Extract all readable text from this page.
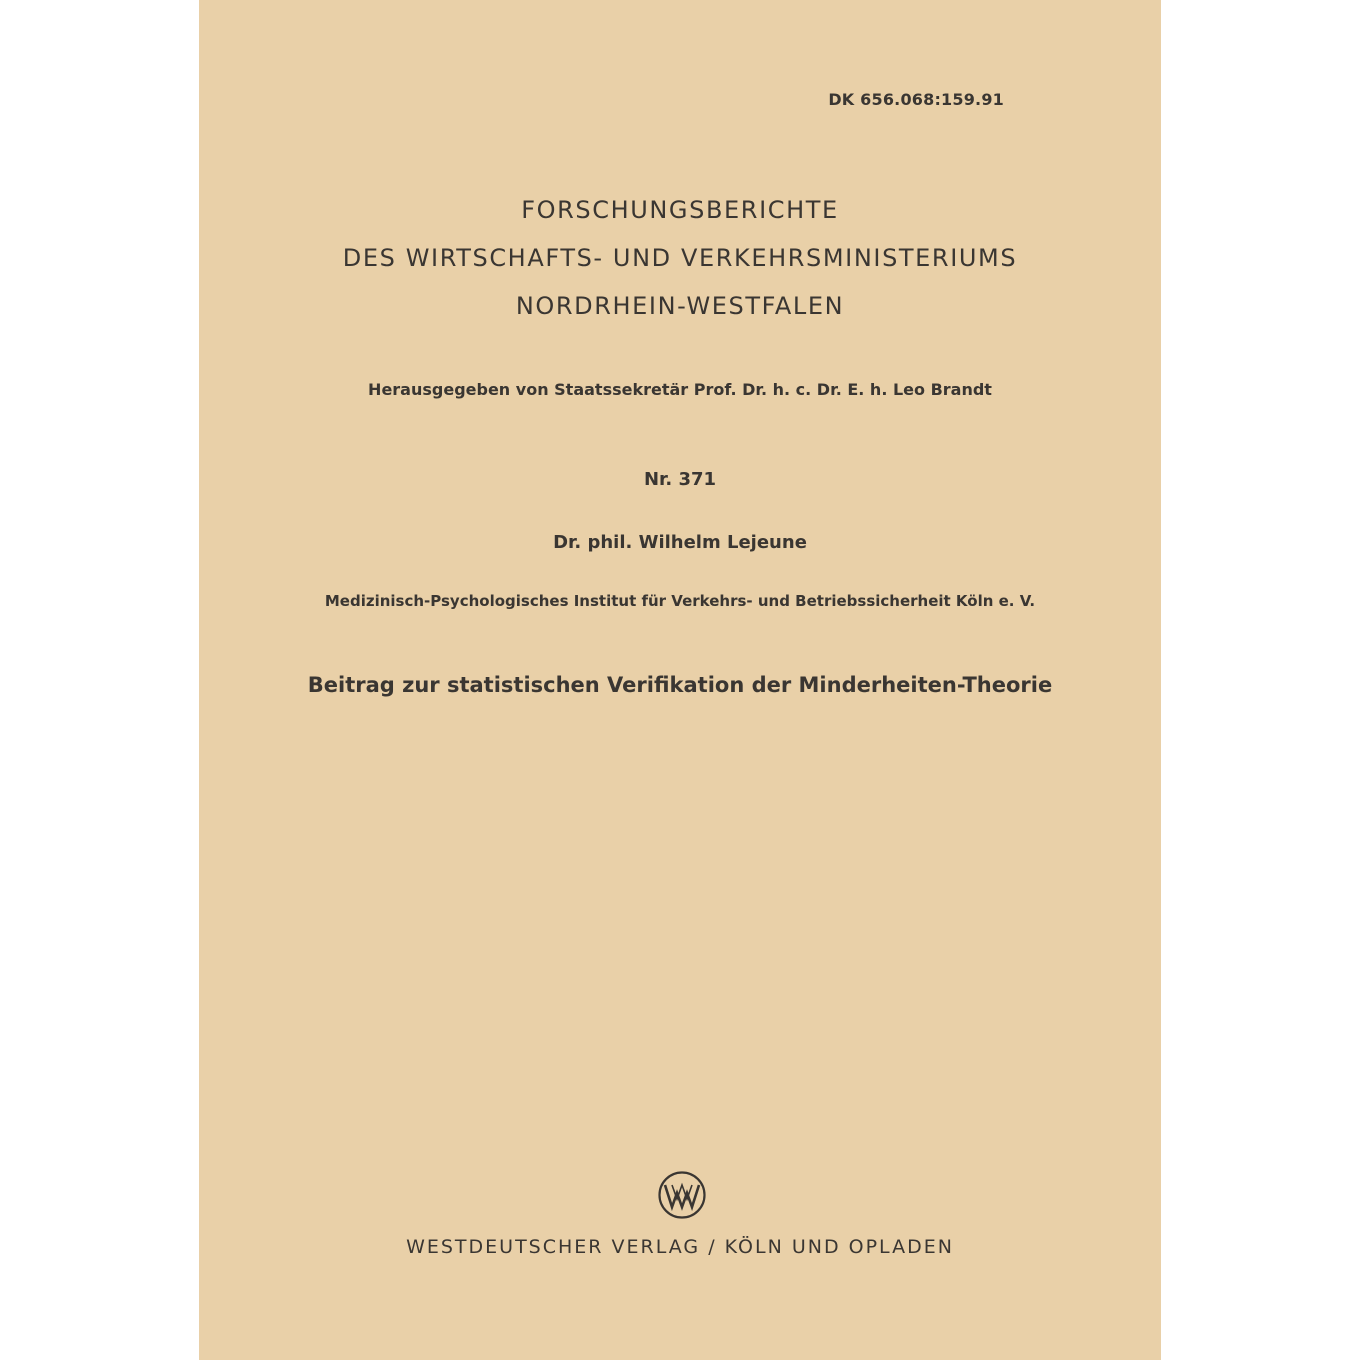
DK 656.068:159.91
FORSCHUNGSBERICHTE
DES WIRTSCHAFTS- UND VERKEHRSMINISTERIUMS
NORDRHEIN-WESTFALEN
Herausgegeben von Staatssekretär Prof. Dr. h. c. Dr. E. h. Leo Brandt
Nr. 371
Dr. phil. Wilhelm Lejeune
Medizinisch-Psychologisches Institut für Verkehrs- und Betriebssicherheit Köln e. V.
Beitrag zur statistischen Verifikation der Minderheiten-Theorie
WESTDEUTSCHER VERLAG / KÖLN UND OPLADEN
